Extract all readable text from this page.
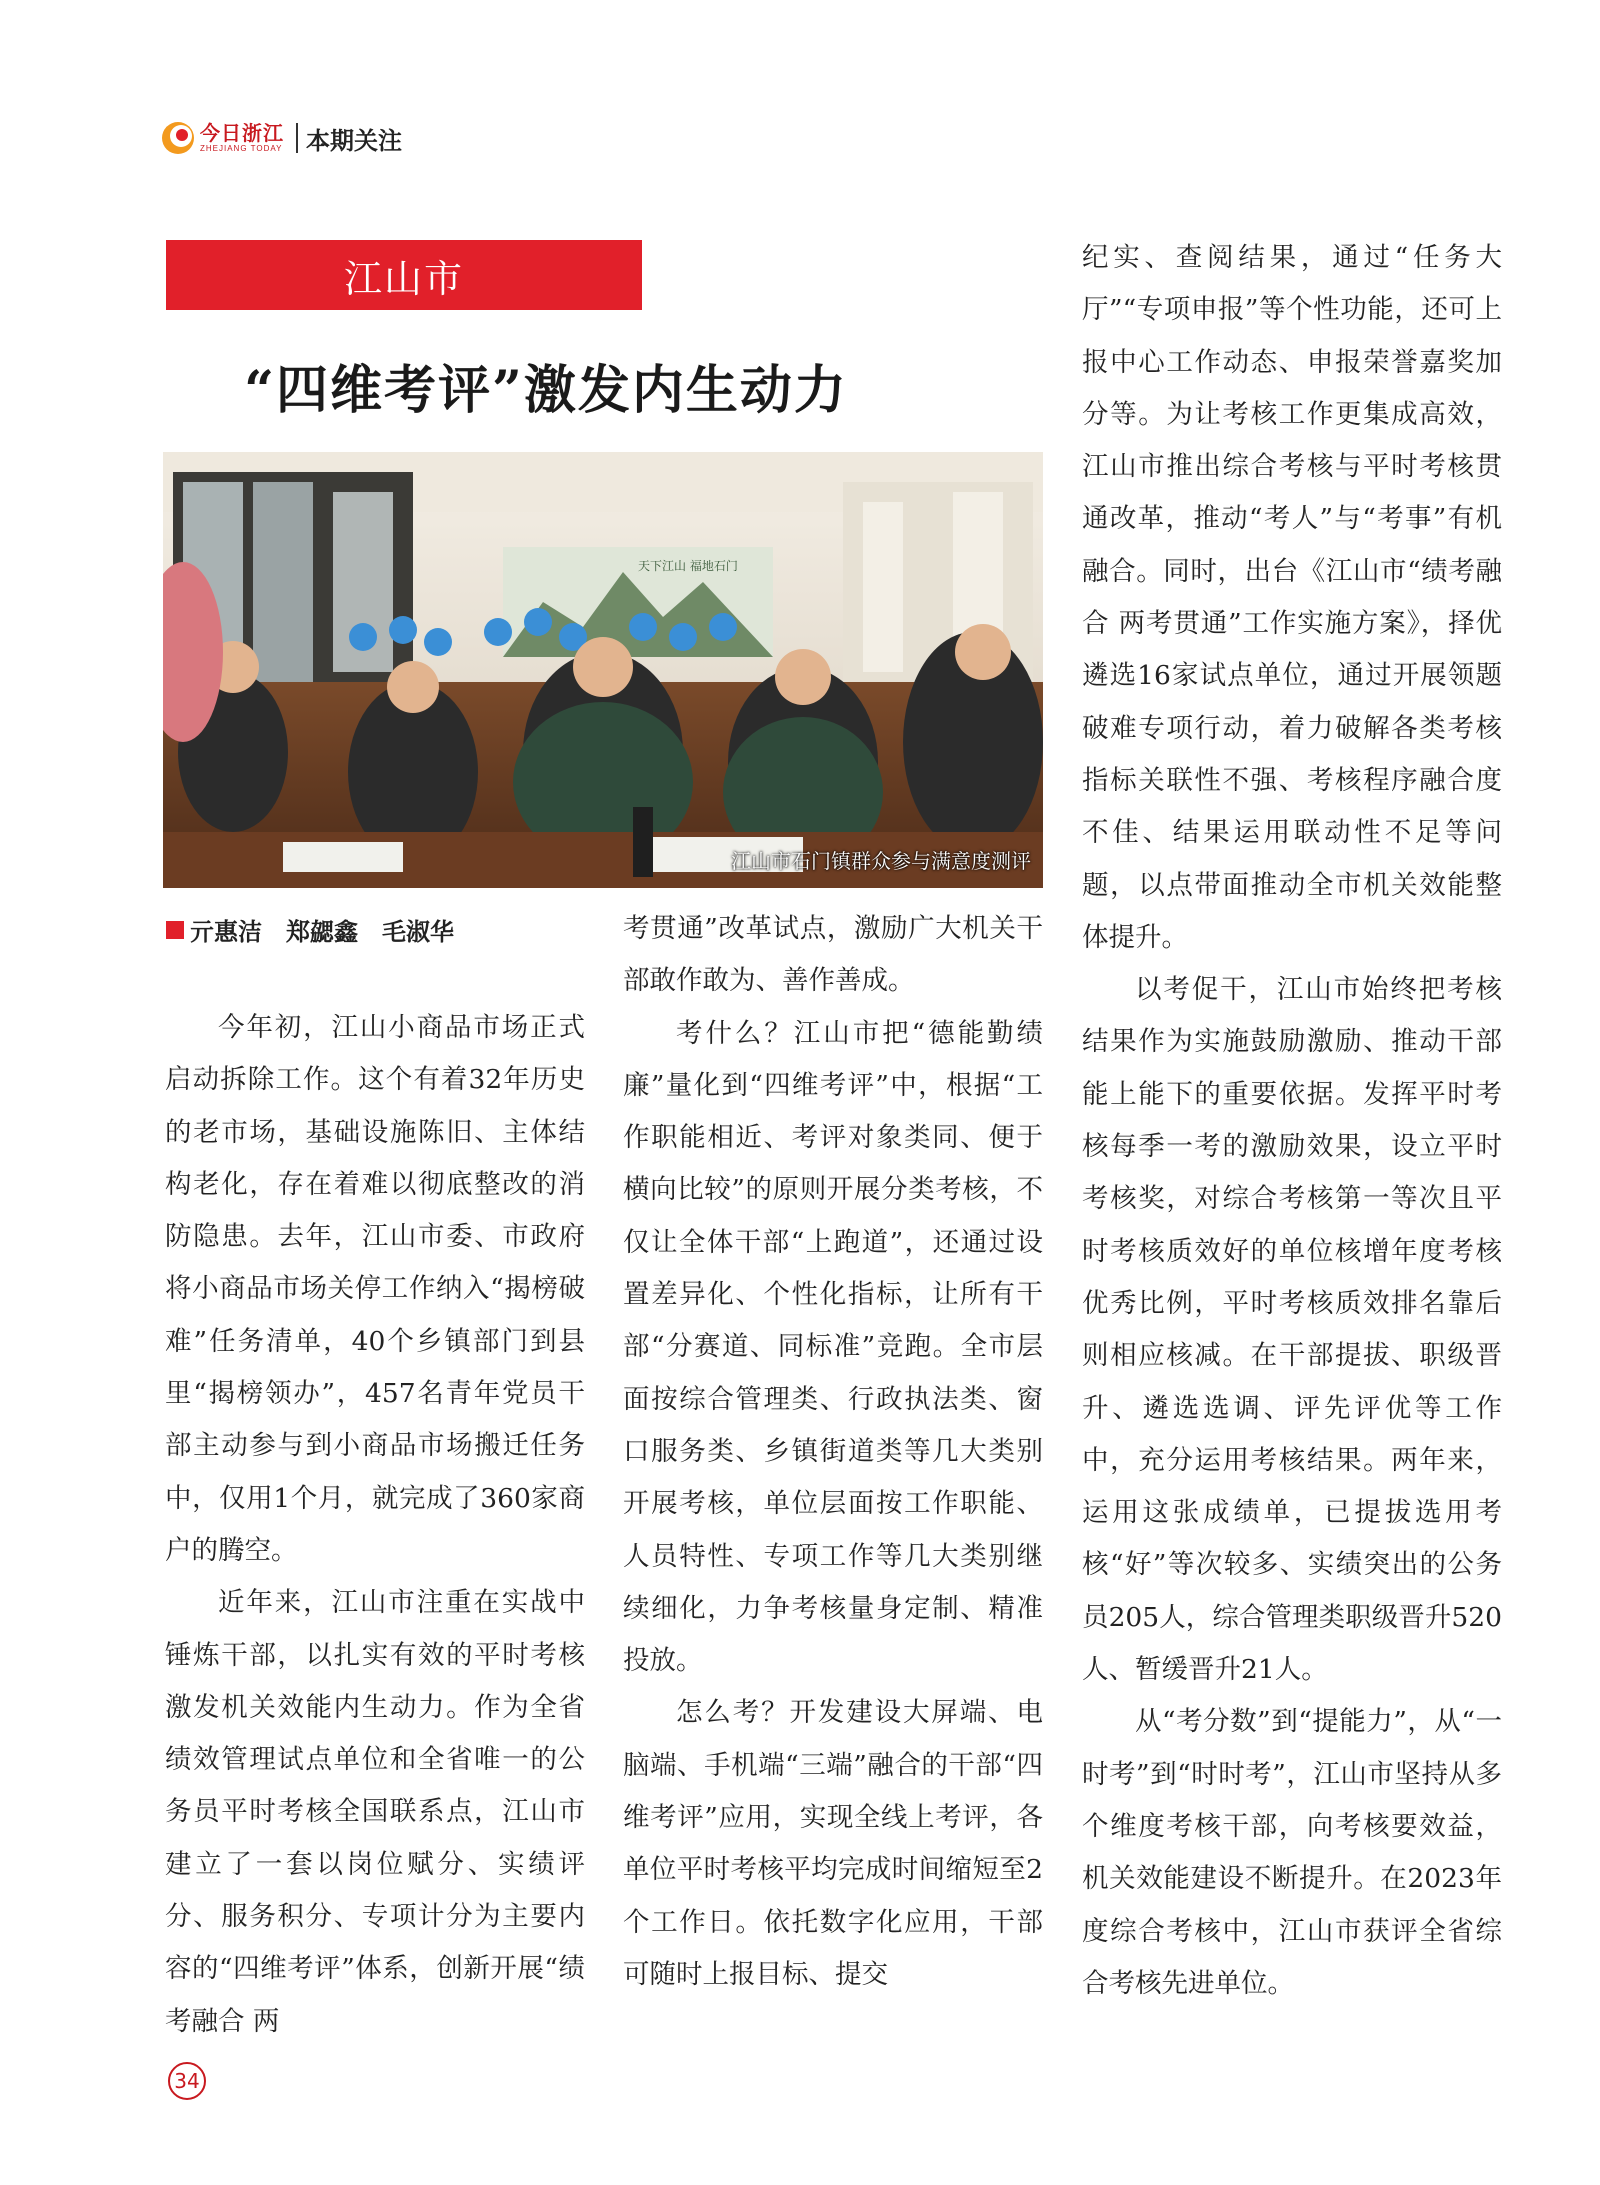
今日浙江
ZHEJIANG TODAY 本期关注
江山市
“四维考评”激发内生动力
天下江山 福地石门
江山市石门镇群众参与满意度测评
亓惠洁　郑勰鑫　毛淑华

今年初，江山小商品市场正式启动拆除工作。这个有着32年历史的老市场，基础设施陈旧、主体结构老化，存在着难以彻底整改的消防隐患。去年，江山市委、市政府将小商品市场关停工作纳入“揭榜破难”任务清单，40个乡镇部门到县里“揭榜领办”，457名青年党员干部主动参与到小商品市场搬迁任务中，仅用1个月，就完成了360家商户的腾空。

近年来，江山市注重在实战中锤炼干部，以扎实有效的平时考核激发机关效能内生动力。作为全省绩效管理试点单位和全省唯一的公务员平时考核全国联系点，江山市建立了一套以岗位赋分、实绩评分、服务积分、专项计分为主要内容的“四维考评”体系，创新开展“绩考融合 两

考贯通”改革试点，激励广大机关干部敢作敢为、善作善成。

考什么？江山市把“德能勤绩廉”量化到“四维考评”中，根据“工作职能相近、考评对象类同、便于横向比较”的原则开展分类考核，不仅让全体干部“上跑道”，还通过设置差异化、个性化指标，让所有干部“分赛道、同标准”竞跑。全市层面按综合管理类、行政执法类、窗口服务类、乡镇街道类等几大类别开展考核，单位层面按工作职能、人员特性、专项工作等几大类别继续细化，力争考核量身定制、精准投放。

怎么考？开发建设大屏端、电脑端、手机端“三端”融合的干部“四维考评”应用，实现全线上考评，各单位平时考核平均完成时间缩短至2个工作日。依托数字化应用，干部可随时上报目标、提交

纪实、查阅结果，通过“任务大厅”“专项申报”等个性功能，还可上报中心工作动态、申报荣誉嘉奖加分等。为让考核工作更集成高效，江山市推出综合考核与平时考核贯通改革，推动“考人”与“考事”有机融合。同时，出台《江山市“绩考融合 两考贯通”工作实施方案》，择优遴选16家试点单位，通过开展领题破难专项行动，着力破解各类考核指标关联性不强、考核程序融合度不佳、结果运用联动性不足等问题，以点带面推动全市机关效能整体提升。

以考促干，江山市始终把考核结果作为实施鼓励激励、推动干部能上能下的重要依据。发挥平时考核每季一考的激励效果，设立平时考核奖，对综合考核第一等次且平时考核质效好的单位核增年度考核优秀比例，平时考核质效排名靠后则相应核减。在干部提拔、职级晋升、遴选选调、评先评优等工作中，充分运用考核结果。两年来，运用这张成绩单，已提拔选用考核“好”等次较多、实绩突出的公务员205人，综合管理类职级晋升520人、暂缓晋升21人。

从“考分数”到“提能力”，从“一时考”到“时时考”，江山市坚持从多个维度考核干部，向考核要效益，机关效能建设不断提升。在2023年度综合考核中，江山市获评全省综合考核先进单位。

34
